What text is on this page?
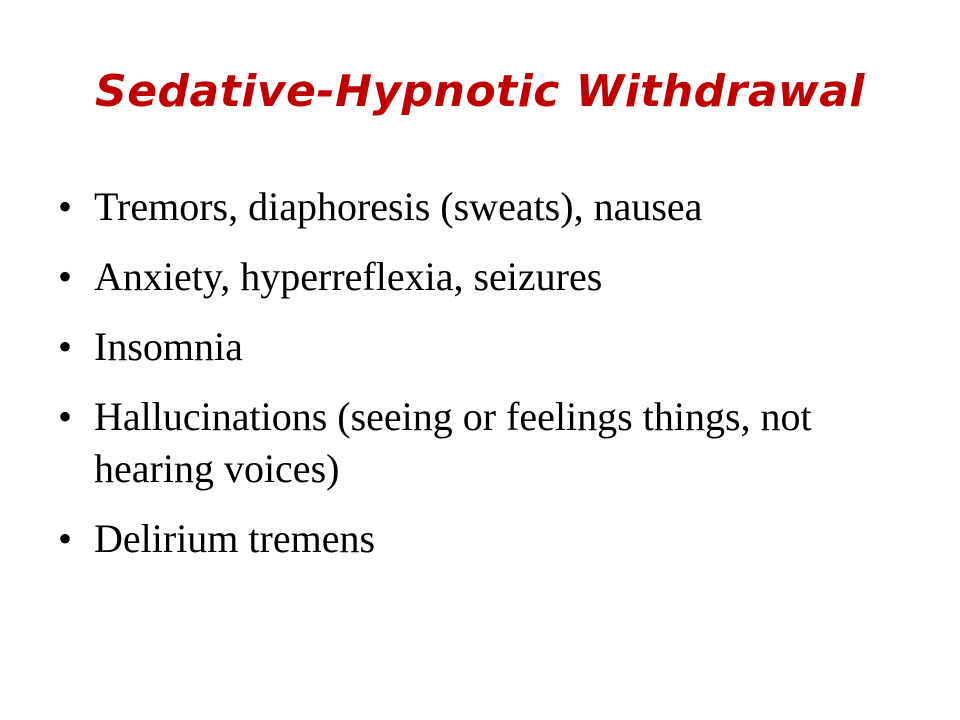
Sedative-Hypnotic Withdrawal
• Tremors, diaphoresis (sweats), nausea
• Anxiety, hyperreflexia, seizures
• Insomnia
• Hallucinations (seeing or feelings things, not hearing voices)
• Delirium tremens
